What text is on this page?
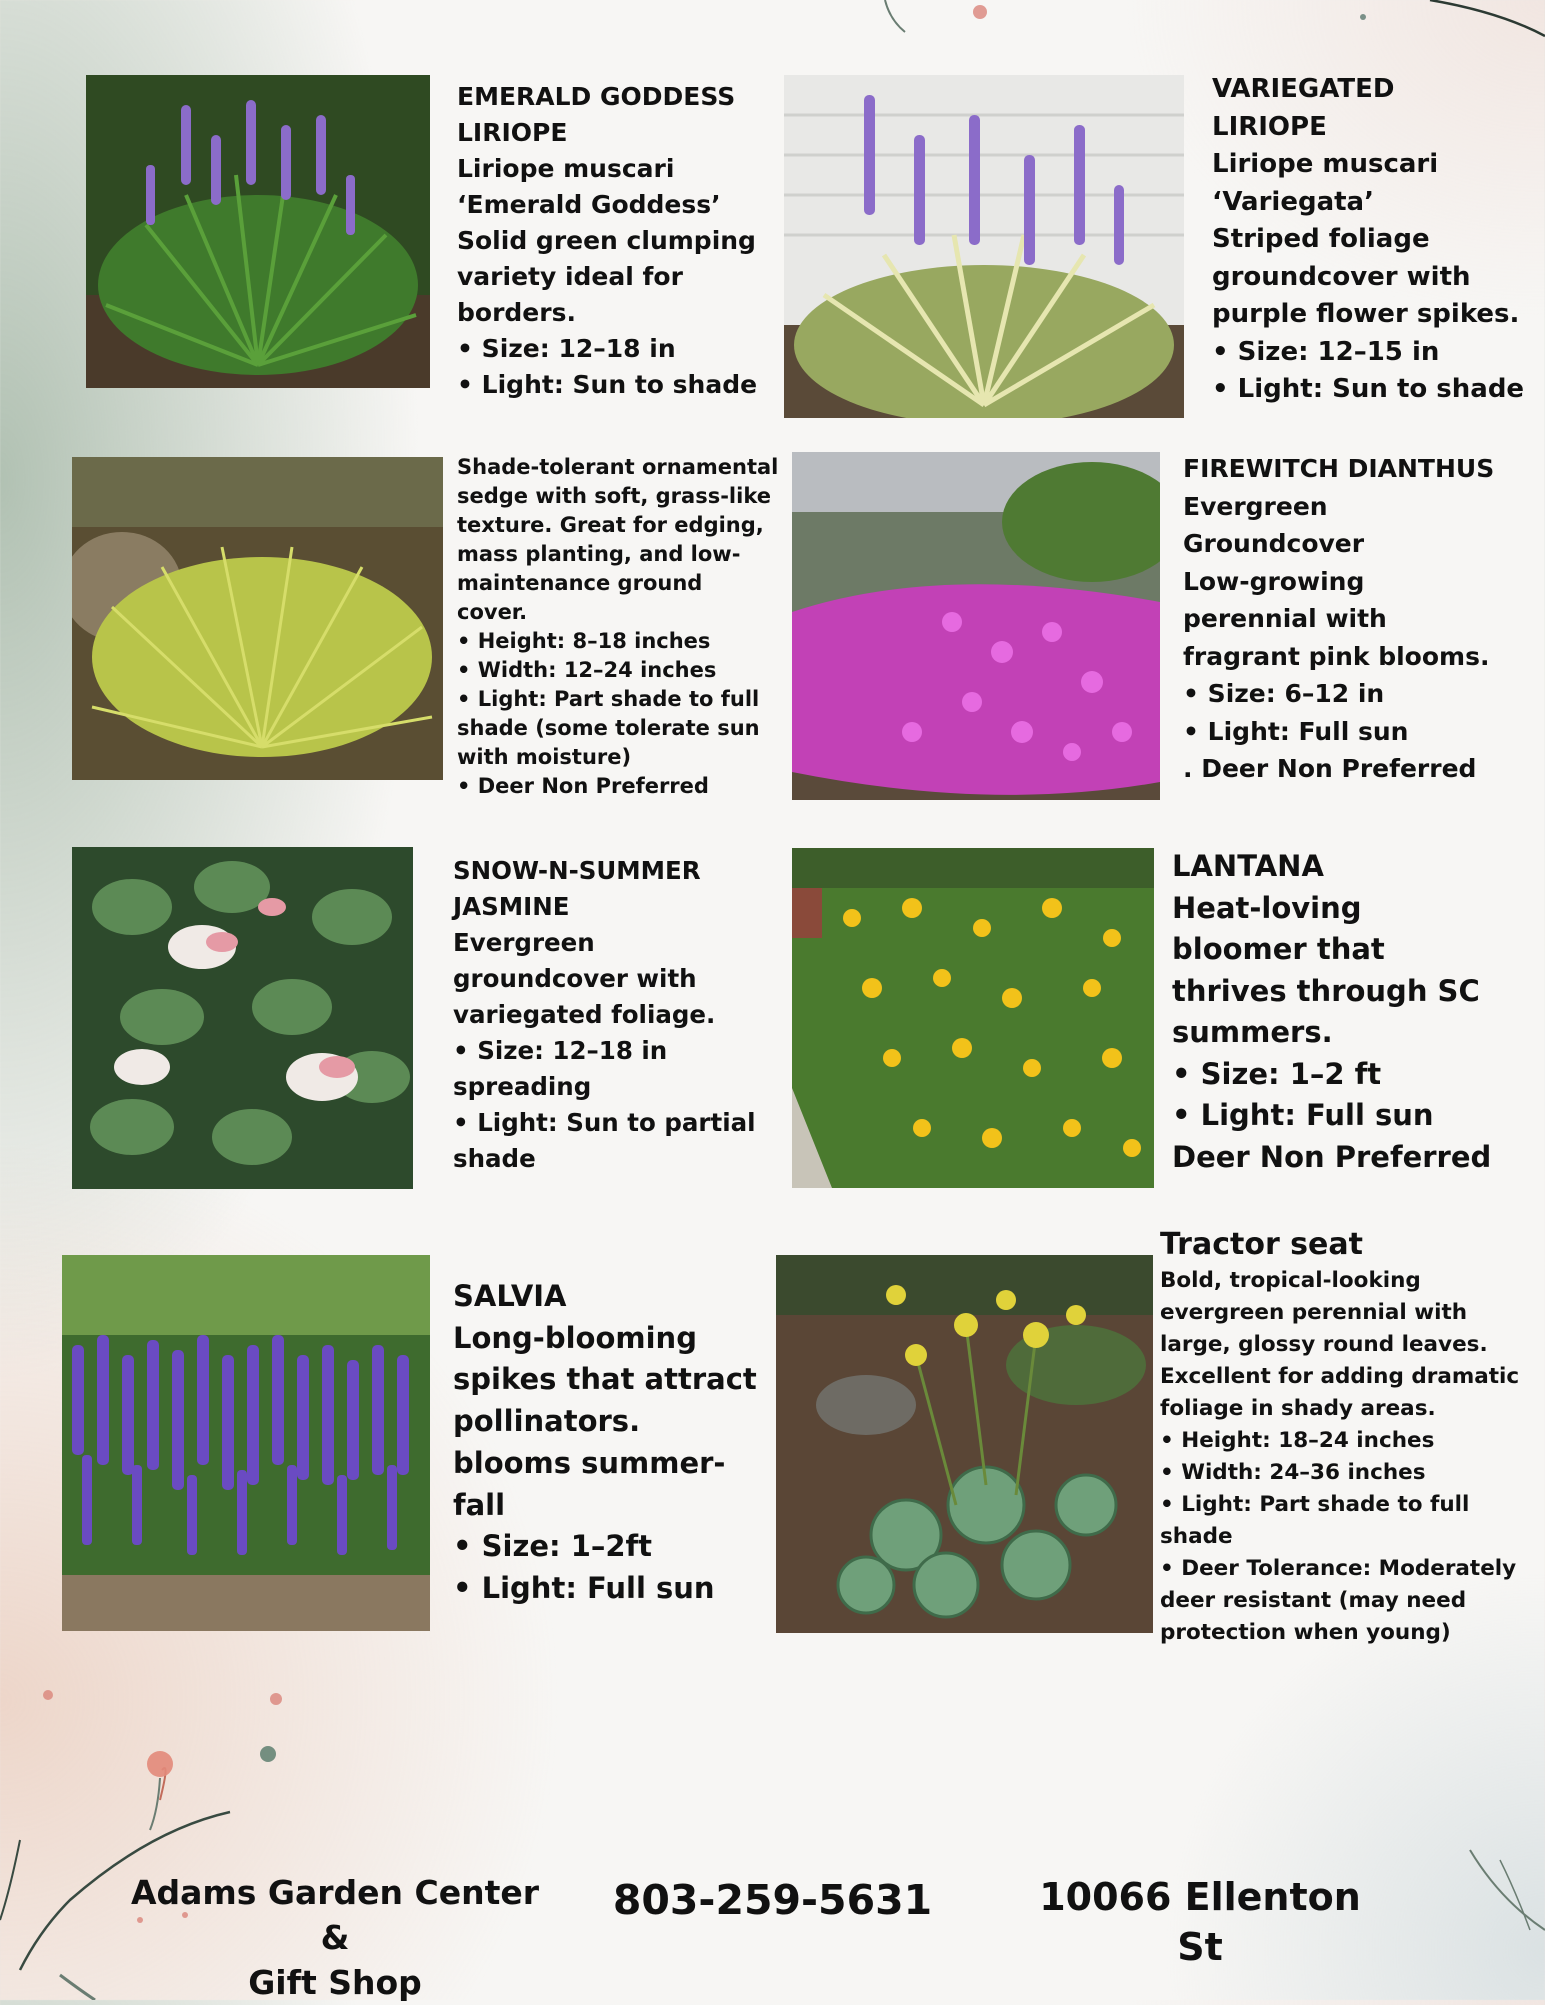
EMERALD GODDESS
LIRIOPE
Liriope muscari
‘Emerald Goddess’
Solid green clumping
variety ideal for
borders.
• Size: 12–18 in
• Light: Sun to shade
VARIEGATED
LIRIOPE
Liriope muscari
‘Variegata’
Striped foliage
groundcover with
purple flower spikes.
• Size: 12–15 in
• Light: Sun to shade
Shade-tolerant ornamental
sedge with soft, grass-like
texture. Great for edging,
mass planting, and low-
maintenance ground
cover.
• Height: 8–18 inches
• Width: 12–24 inches
• Light: Part shade to full
shade (some tolerate sun
with moisture)
• Deer Non Preferred
FIREWITCH DIANTHUS
Evergreen
Groundcover
Low-growing
perennial with
fragrant pink blooms.
• Size: 6–12 in
• Light: Full sun
. Deer Non Preferred
SNOW-N-SUMMER
JASMINE
Evergreen
groundcover with
variegated foliage.
• Size: 12–18 in
spreading
• Light: Sun to partial
shade
LANTANA
Heat-loving
bloomer that
thrives through SC
summers.
• Size: 1–2 ft
• Light: Full sun
Deer Non Preferred
SALVIA
Long-blooming
spikes that attract
pollinators.
blooms summer-
fall
• Size: 1–2ft
• Light: Full sun
Tractor seat
Bold, tropical-looking
evergreen perennial with
large, glossy round leaves.
Excellent for adding dramatic
foliage in shady areas.
• Height: 18–24 inches
• Width: 24–36 inches
• Light: Part shade to full
shade
• Deer Tolerance: Moderately
deer resistant (may need
protection when young)
Adams Garden Center &
Gift Shop
803-259-5631	10066 Ellenton St
